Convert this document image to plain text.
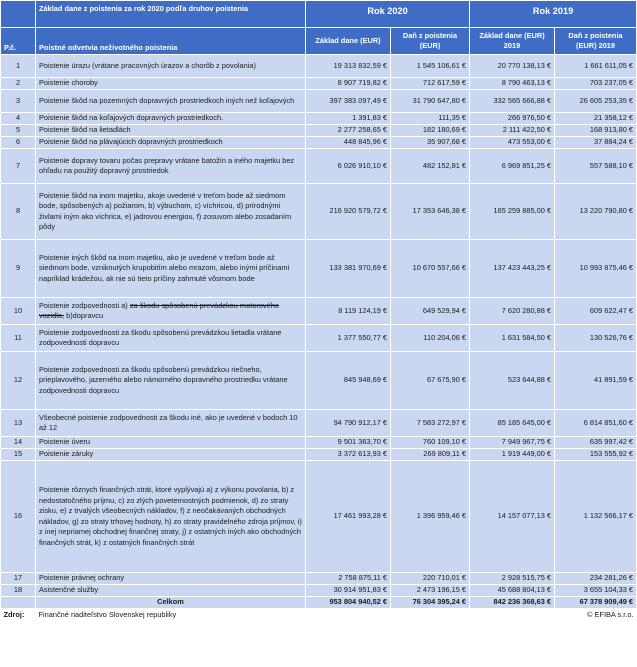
	Základ dane z poistenia za rok 2020 podľa druhov poistenia	Rok 2020		Rok 2019	
P.č.	Poistné odvetvia neživotného poistenia	Základ dane (EUR)	Daň z poistenia (EUR)	Základ dane (EUR) 2019	Daň z poistenia (EUR) 2019
1	Poistenie úrazu (vrátane pracovných úrazov a chorôb z povolania)	19 313 832,59 €	1 545 106,61 €	20 770 138,13 €	1 661 611,05 €
2	Poistenie choroby	8 907 719,82 €	712 617,59 €	8 790 463,13 €	703 237,05 €
3	Poistenie škôd na pozemných dopravných prostriedkoch iných než koľajových	397 383 097,49 €	31 790 647,80 €	332 565 666,88 €	26 605 253,35 €
4	Poistenie škôd na koľajových dopravných prostriedkoch.	1 391,83 €	111,35 €	266 976,50 €	21 358,12 €
5	Poistenie škôd na lietadlách	2 277 258,65 €	182 180,69 €	2 111 422,50 €	168 913,80 €
6	Poistenie škôd na plávajúcich dopravných prostriedkoch	448 845,96 €	35 907,68 €	473 553,00 €	37 884,24 €
7	Poistenie dopravy tovaru počas prepravy vrátane batožín a iného majetku bez ohľadu na použitý dopravný prostriedok	6 026 910,10 €	482 152,81 €	6 969 851,25 €	557 588,10 €
8	Poistenie škôd na inom majetku, akoje uvedené v treťom bode až siedmom bode, spôsobených a) požiarom, b) výbuchom, c) víchricou, d) prírodnými živlami iným ako víchrica, e) jadrovou energiou, f) zosuvom alebo zosadaním pôdy	216 920 579,72 €	17 353 646,38 €	165 259 885,00 €	13 220 790,80 €
9	Poistenie iných škôd na inom majetku, ako je uvedené v treťom bode až siedmom bode, vzniknutých krupobitím alebo mrazom, alebo inými príčinami napríklad krádežou, ak nie sú tieto príčiny zahrnuté vôsmom bode	133 381 970,69 €	10 670 557,66 €	137 423 443,25 €	10 993 875,46 €
10	Poistenie zodpovednosti a) za škodu spôsobenú prevádzkou motorového vozidla, b)dopravcu	8 119 124,19 €	649 529,94 €	7 620 280,88 €	609 622,47 €
11	Poistenie zodpovednosti za škodu spôsobenú prevádzkou lietadla vrátane zodpovednosti dopravcu	1 377 550,77 €	110 204,06 €	1 631 584,50 €	130 526,76 €
12	Poistenie zodpovednosti za škodu spôsobenú prevádzkou riečneho, prieplavového, jazerného alebo námorného dopravného prostriedku vrátane zodpovednosti dopravcu	845 948,69 €	67 675,90 €	523 644,88 €	41 891,59 €
13	Všeobecné poistenie zodpovednosti za škodu iné, ako je uvedené v bodoch 10 až 12	94 790 912,17 €	7 583 272,97 €	85 185 645,00 €	6 814 851,60 €
14	Poistenie úveru	9 501 363,70 €	760 109,10 €	7 949 967,75 €	635 997,42 €
15	Poistenie záruky	3 372 613,93 €	269 809,11 €	1 919 449,00 €	153 555,92 €
16	Poistenie rôznych finančných strát, ktoré vyplývajú a) z výkonu povolania, b) z nedostatočného príjmu, c) zo zlých poveternostných podmienok, d) zo straty zisku, e) z trvalých všeobecných nákladov, f) z neočakávaných obchodných nákladov, g) zo straty trhovej hodnoty, h) zo straty pravidelného zdroja príjmov, i) z inej nepriamej obchodnej finančnej straty, j) z ostatných iných ako obchodných finančných strát, k) z ostatných finančných strát	17 461 993,28 €	1 396 959,46 €	14 157 077,13 €	1 132 566,17 €
17	Poistenie právnej ochrany	2 758 875,11 €	220 710,01 €	2 928 515,75 €	234 281,26 €
18	Asistenčné služby	30 914 951,83 €	2 473 196,15 €	45 688 804,13 €	3 655 104,33 €
	Celkom	953 804 940,52 €	76 304 395,24 €	842 236 368,63 €	67 378 909,49 €
Zdroj:	Finančné riaditeľstvo Slovenskej republiky			© EFIBA s.r.o.	
